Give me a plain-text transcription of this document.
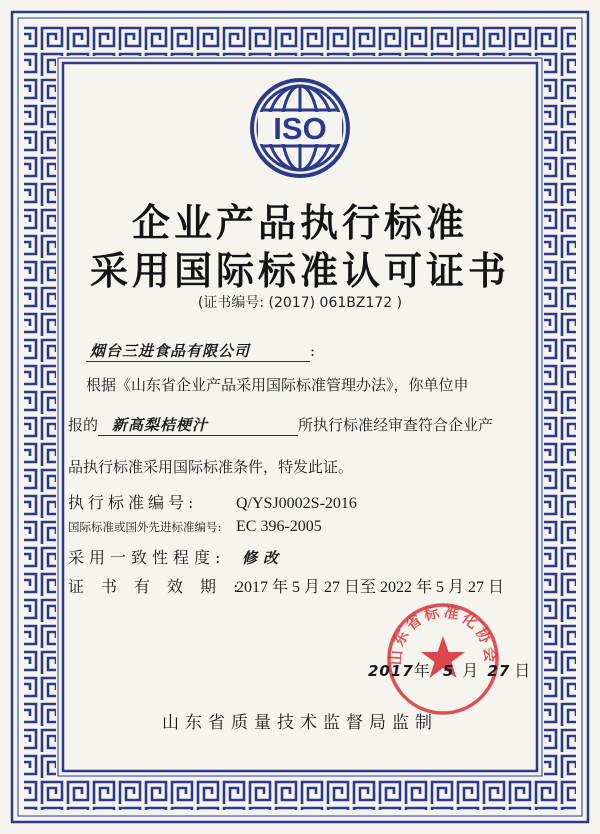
ISO
企业产品执行标准
采用国际标准认可证书
(证书编号: (2017) 061BZ172 )
烟台三进食品有限公司	:
根据《山东省企业产品采用国际标准管理办法》，你单位申
报的 新高梨桔梗汁	所执行标准经审查符合企业产
品执行标准采用国际标准条件，特发此证。
执行标准编号: Q/YSJ0002S-2016
国际标准或国外先进标准编号: EC 396-2005
采用一致性程度: 修改
证书有效期:2017 年 5 月 27 日至 2022 年 5 月 27 日
山东省标准化协会
2017年 5 月 27 日
山东省质量技术监督局监制
